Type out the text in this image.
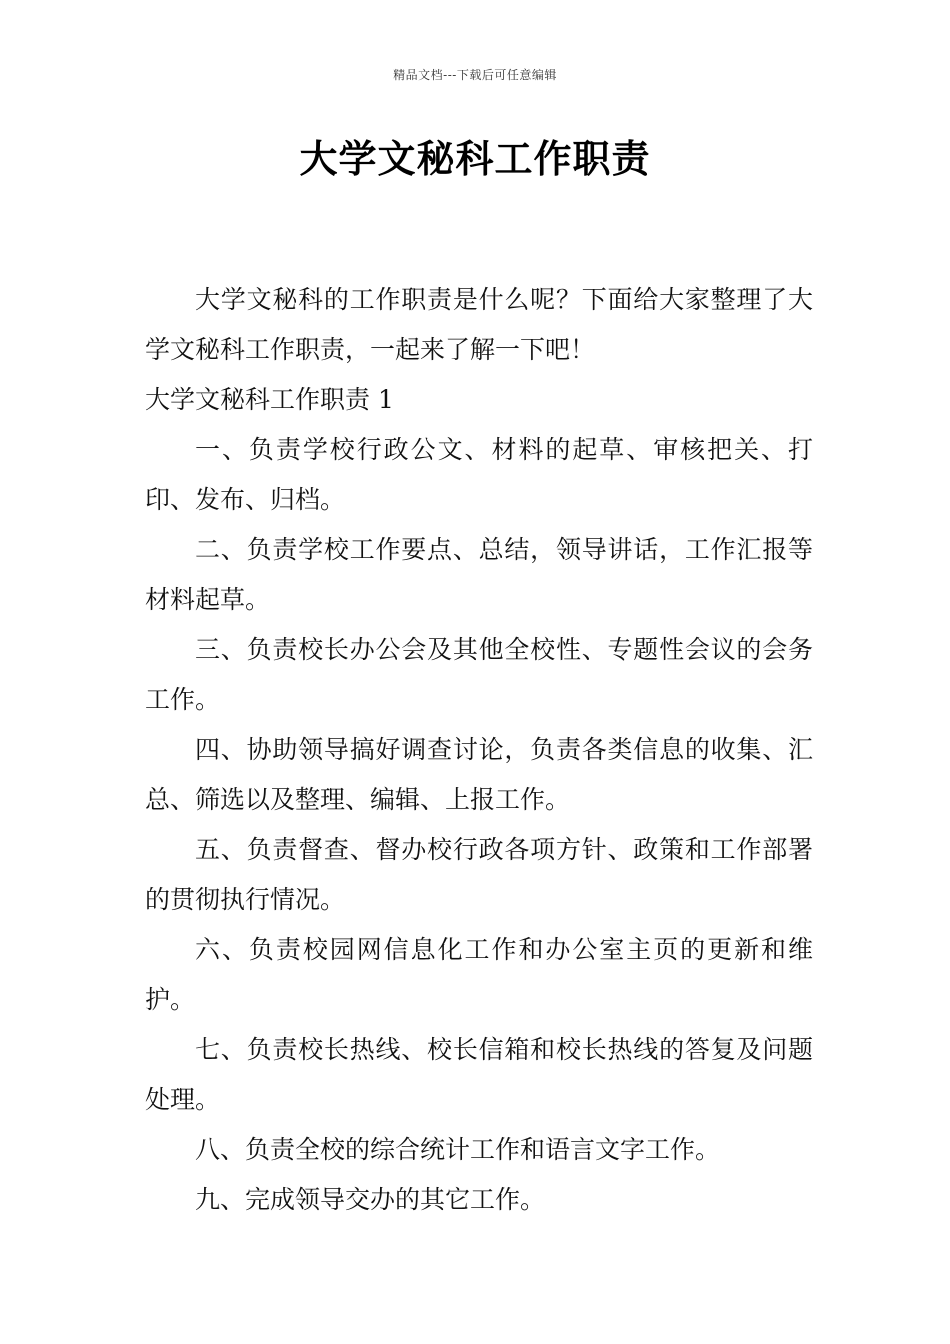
精品文档---下载后可任意编辑
大学文秘科工作职责

大学文秘科的工作职责是什么呢？下面给大家整理了大学文秘科工作职责，一起来了解一下吧！

大学文秘科工作职责 1

一、负责学校行政公文、材料的起草、审核把关、打印、发布、归档。

二、负责学校工作要点、总结，领导讲话，工作汇报等材料起草。

三、负责校长办公会及其他全校性、专题性会议的会务工作。

四、协助领导搞好调查讨论，负责各类信息的收集、汇总、筛选以及整理、编辑、上报工作。

五、负责督查、督办校行政各项方针、政策和工作部署的贯彻执行情况。

六、负责校园网信息化工作和办公室主页的更新和维护。

七、负责校长热线、校长信箱和校长热线的答复及问题处理。

八、负责全校的综合统计工作和语言文字工作。

九、完成领导交办的其它工作。
